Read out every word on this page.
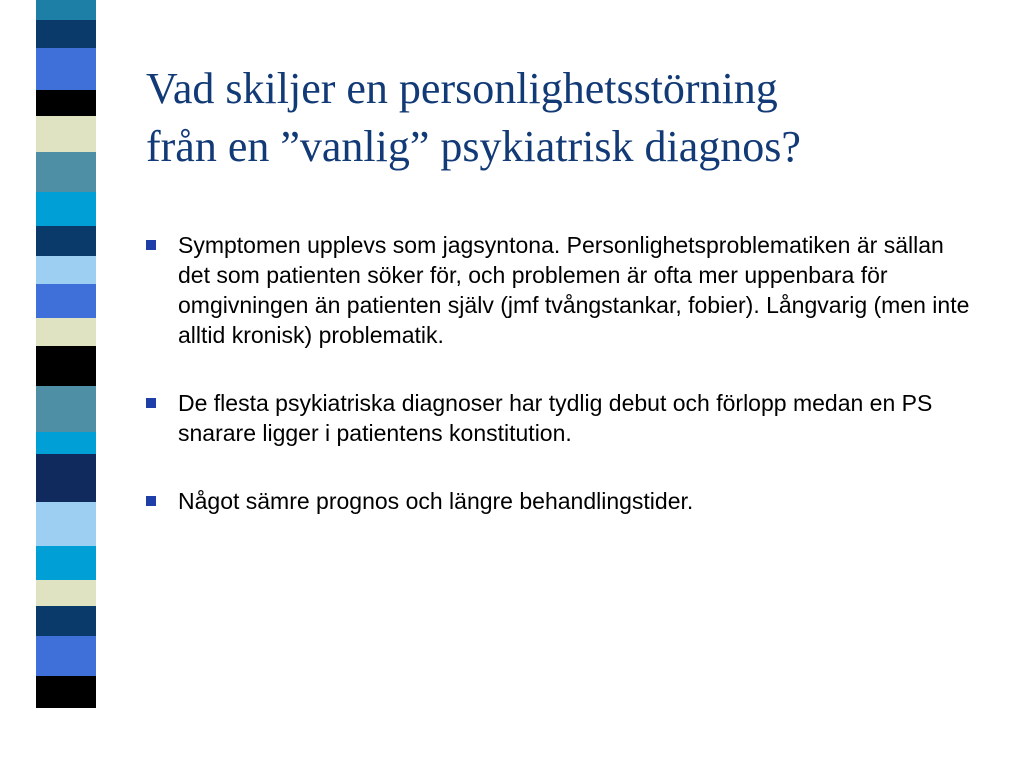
Vad skiljer en personlighetsstörning
från en ”vanlig” psykiatrisk diagnos?
Symptomen upplevs som jagsyntona. Personlighetsproblematiken är sällan det som patienten söker för, och problemen är ofta mer uppenbara för omgivningen än patienten själv (jmf tvångstankar, fobier). Långvarig (men inte alltid kronisk) problematik.
De flesta psykiatriska diagnoser har tydlig debut och förlopp medan en PS snarare ligger i patientens konstitution.
Något sämre prognos och längre behandlingstider.
